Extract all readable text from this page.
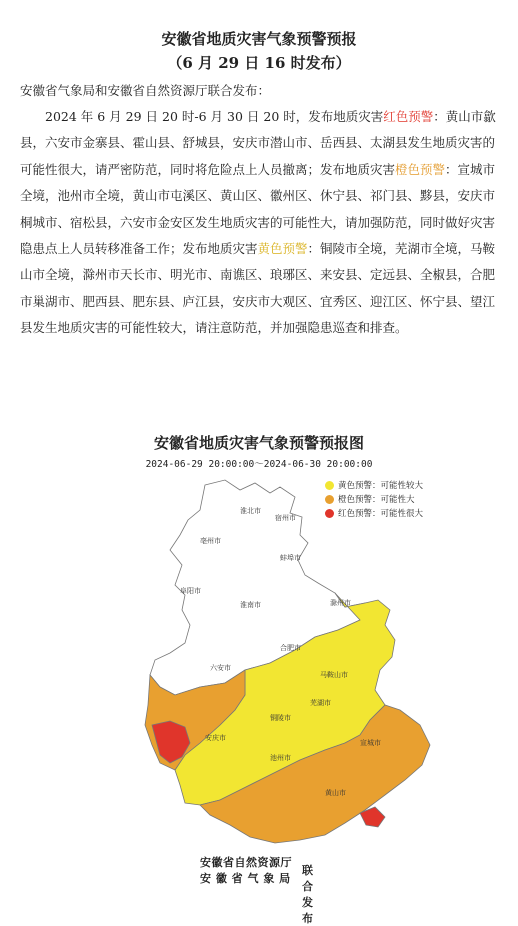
安徽省地质灾害气象预警预报
（6 月 29 日 16 时发布）
安徽省气象局和安徽省自然资源厅联合发布：
2024 年 6 月 29 日 20 时-6 月 30 日 20 时，发布地质灾害红色预警：黄山市歙县，六安市金寨县、霍山县、舒城县，安庆市潜山市、岳西县、太湖县发生地质灾害的可能性很大，请严密防范，同时将危险点上人员撤离；发布地质灾害橙色预警：宣城市全境，池州市全境，黄山市屯溪区、黄山区、徽州区、休宁县、祁门县、黟县，安庆市桐城市、宿松县，六安市金安区发生地质灾害的可能性大，请加强防范，同时做好灾害隐患点上人员转移准备工作；发布地质灾害黄色预警：铜陵市全境，芜湖市全境，马鞍山市全境，滁州市天长市、明光市、南谯区、琅琊区、来安县、定远县、全椒县，合肥市巢湖市、肥西县、肥东县、庐江县，安庆市大观区、宜秀区、迎江区、怀宁县、望江县发生地质灾害的可能性较大，请注意防范，并加强隐患巡查和排查。
安徽省地质灾害气象预警预报图
2024-06-29 20:00:00～2024-06-30 20:00:00
黄色预警：可能性较大
橙色预警：可能性大
红色预警：可能性很大
宿州市
淮北市
亳州市
蚌埠市
阜阳市
淮南市	滁州市
六安市
合肥市
马鞍山市
芜湖市
铜陵市
安庆市
池州市
宣城市
黄山市
安徽省自然资源厅
安 徽 省 气 象 局
联合发布
